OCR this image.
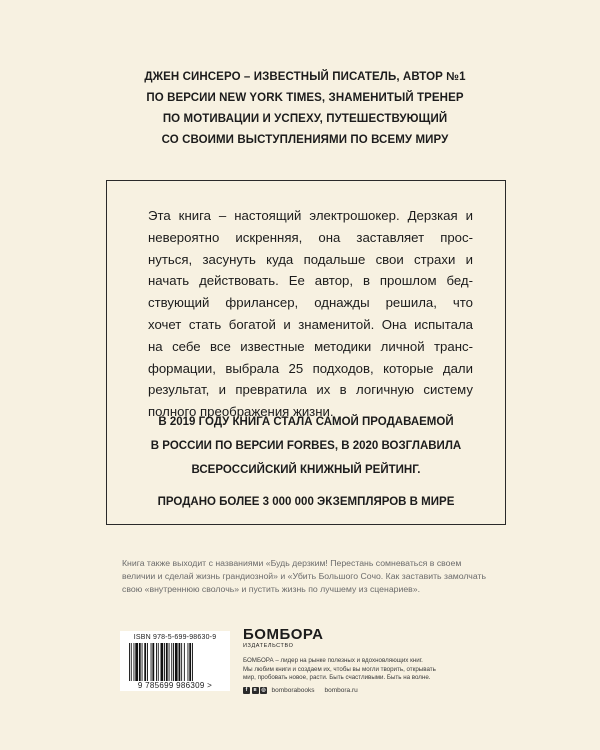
ДЖЕН СИНСЕРО – ИЗВЕСТНЫЙ ПИСАТЕЛЬ, АВТОР №1
ПО ВЕРСИИ NEW YORK TIMES, ЗНАМЕНИТЫЙ ТРЕНЕР
ПО МОТИВАЦИИ И УСПЕХУ, ПУТЕШЕСТВУЮЩИЙ
СО СВОИМИ ВЫСТУПЛЕНИЯМИ ПО ВСЕМУ МИРУ
Эта книга – настоящий электрошокер. Дерзкая и
невероятно искренняя, она заставляет прос-
нуться, засунуть куда подальше свои страхи и
начать действовать. Ее автор, в прошлом бед-
ствующий фрилансер, однажды решила, что
хочет стать богатой и знаменитой. Она испытала
на себе все известные методики личной транс-
формации, выбрала 25 подходов, которые дали
результат, и превратила их в логичную систему
полного преображения жизни.
В 2019 ГОДУ КНИГА СТАЛА САМОЙ ПРОДАВАЕМОЙ
В РОССИИ ПО ВЕРСИИ FORBES, В 2020 ВОЗГЛАВИЛА
ВСЕРОССИЙСКИЙ КНИЖНЫЙ РЕЙТИНГ.
ПРОДАНО БОЛЕЕ 3 000 000 ЭКЗЕМПЛЯРОВ В МИРЕ
Книга также выходит с названиями «Будь дерзким! Перестань сомневаться в своем
величии и сделай жизнь грандиозной» и «Убить Большого Сочо. Как заставить замолчать
свою «внутреннюю сволочь» и пустить жизнь по лучшему из сценариев».
ISBN 978-5-699-98630-9
9 785699 986309 >
БОМБОРА
ИЗДАТЕЛЬСТВО
БОМБОРА – лидер на рынке полезных и вдохновляющих книг.
Мы любим книги и создаем их, чтобы вы могли творить, открывать
мир, пробовать новое, расти. Быть счастливыми. Быть на волне.
f	в ◎ bomborabooks bombora.ru
